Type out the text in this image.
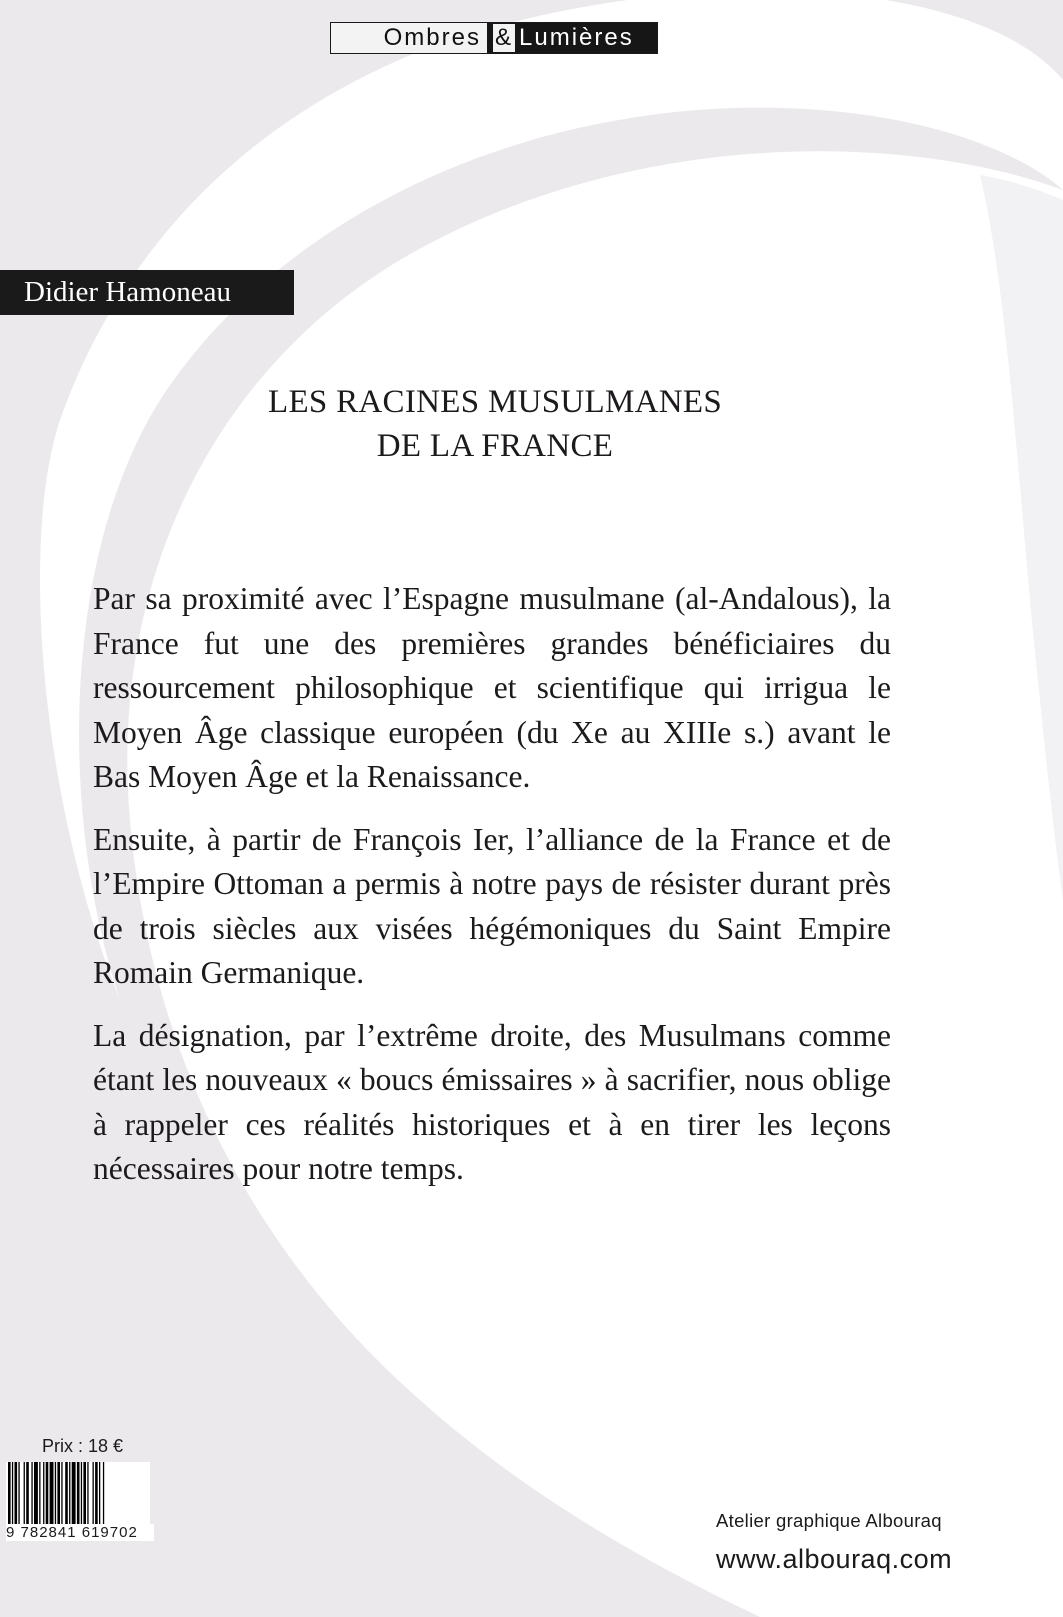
Ombres & Lumières
Didier Hamoneau
LES RACINES MUSULMANES
DE LA FRANCE

Par sa proximité avec l’Espagne musulmane (al-Andalous), la France fut une des premières grandes bénéficiaires du ressourcement philosophique et scientifique qui irrigua le Moyen Âge classique européen (du Xe au XIIIe s.) avant le Bas Moyen Âge et la Renaissance.

Ensuite, à partir de François Ier, l’alliance de la France et de l’Empire Ottoman a permis à notre pays de résister durant près de trois siècles aux visées hégémoniques du Saint Empire Romain Germanique.

La désignation, par l’extrême droite, des Musulmans comme étant les nouveaux « boucs émissaires » à sacrifier, nous oblige à rappeler ces réalités historiques et à en tirer les leçons nécessaires pour notre temps.

Prix : 18 €
9 782841 619702
Atelier graphique Albouraq
www.albouraq.com
